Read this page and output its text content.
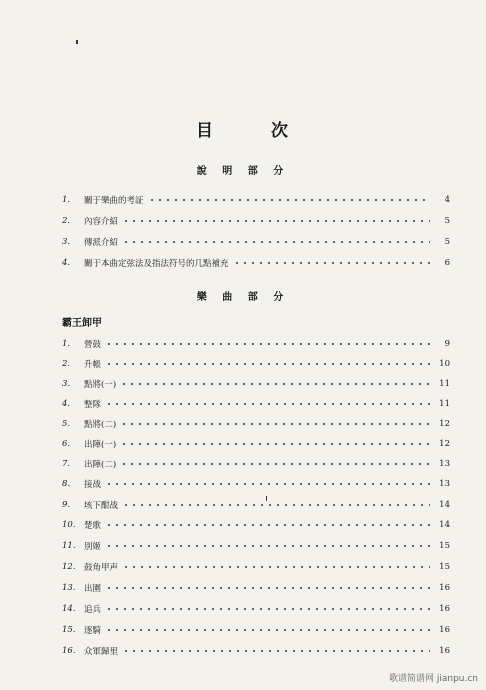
目	次
說 明 部 分
1.	關于樂曲的考証	4
2.	內容介紹	5
3.	傳派介紹	5
4.	關于本曲定弦法及指法符号的几點補充	6
樂 曲 部 分
霸王卸甲
1.	營鼓	9
2.	升帳	10
3.	點將(一)	11
4.	整隊	11
5.	點將(二)	12
6.	出陣(一)	12
7.	出陣(二)	13
8.	接战	13
9.	垓下酣战	14
10. 楚歌	14
11. 別姬	15
12. 鼓角甲声	15
13. 出圍	16
14. 追兵	16
15. 逐騎	16
16. 众軍歸里	16
歌谱简谱网 jianpu.cn
